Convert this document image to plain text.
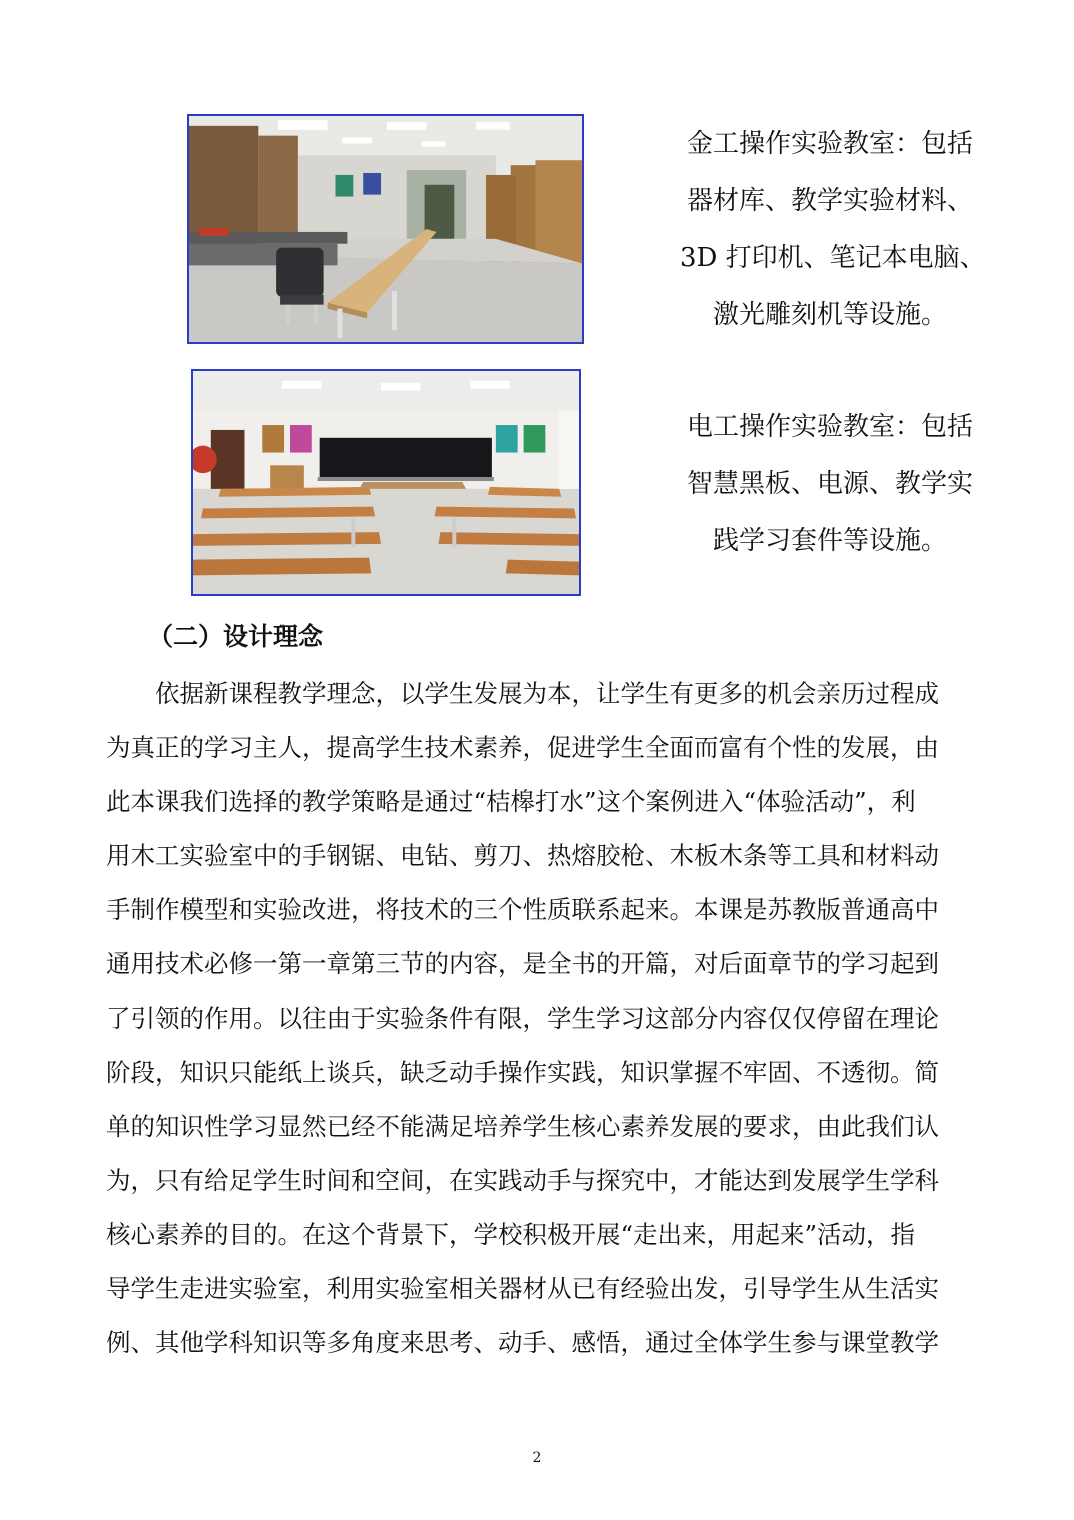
金工操作实验教室：包括
器材库、教学实验材料、
3D 打印机、笔记本电脑、
激光雕刻机等设施。
电工操作实验教室：包括
智慧黑板、电源、教学实
践学习套件等设施。
（二）设计理念
依据新课程教学理念，以学生发展为本，让学生有更多的机会亲历过程成
为真正的学习主人，提高学生技术素养，促进学生全面而富有个性的发展，由
此本课我们选择的教学策略是通过“桔槔打水”这个案例进入“体验活动”，利
用木工实验室中的手钢锯、电钻、剪刀、热熔胶枪、木板木条等工具和材料动
手制作模型和实验改进，将技术的三个性质联系起来。本课是苏教版普通高中
通用技术必修一第一章第三节的内容，是全书的开篇，对后面章节的学习起到
了引领的作用。以往由于实验条件有限，学生学习这部分内容仅仅停留在理论
阶段，知识只能纸上谈兵，缺乏动手操作实践，知识掌握不牢固、不透彻。简
单的知识性学习显然已经不能满足培养学生核心素养发展的要求，由此我们认
为，只有给足学生时间和空间，在实践动手与探究中，才能达到发展学生学科
核心素养的目的。在这个背景下，学校积极开展“走出来，用起来”活动，指
导学生走进实验室，利用实验室相关器材从已有经验出发，引导学生从生活实
例、其他学科知识等多角度来思考、动手、感悟，通过全体学生参与课堂教学
2
